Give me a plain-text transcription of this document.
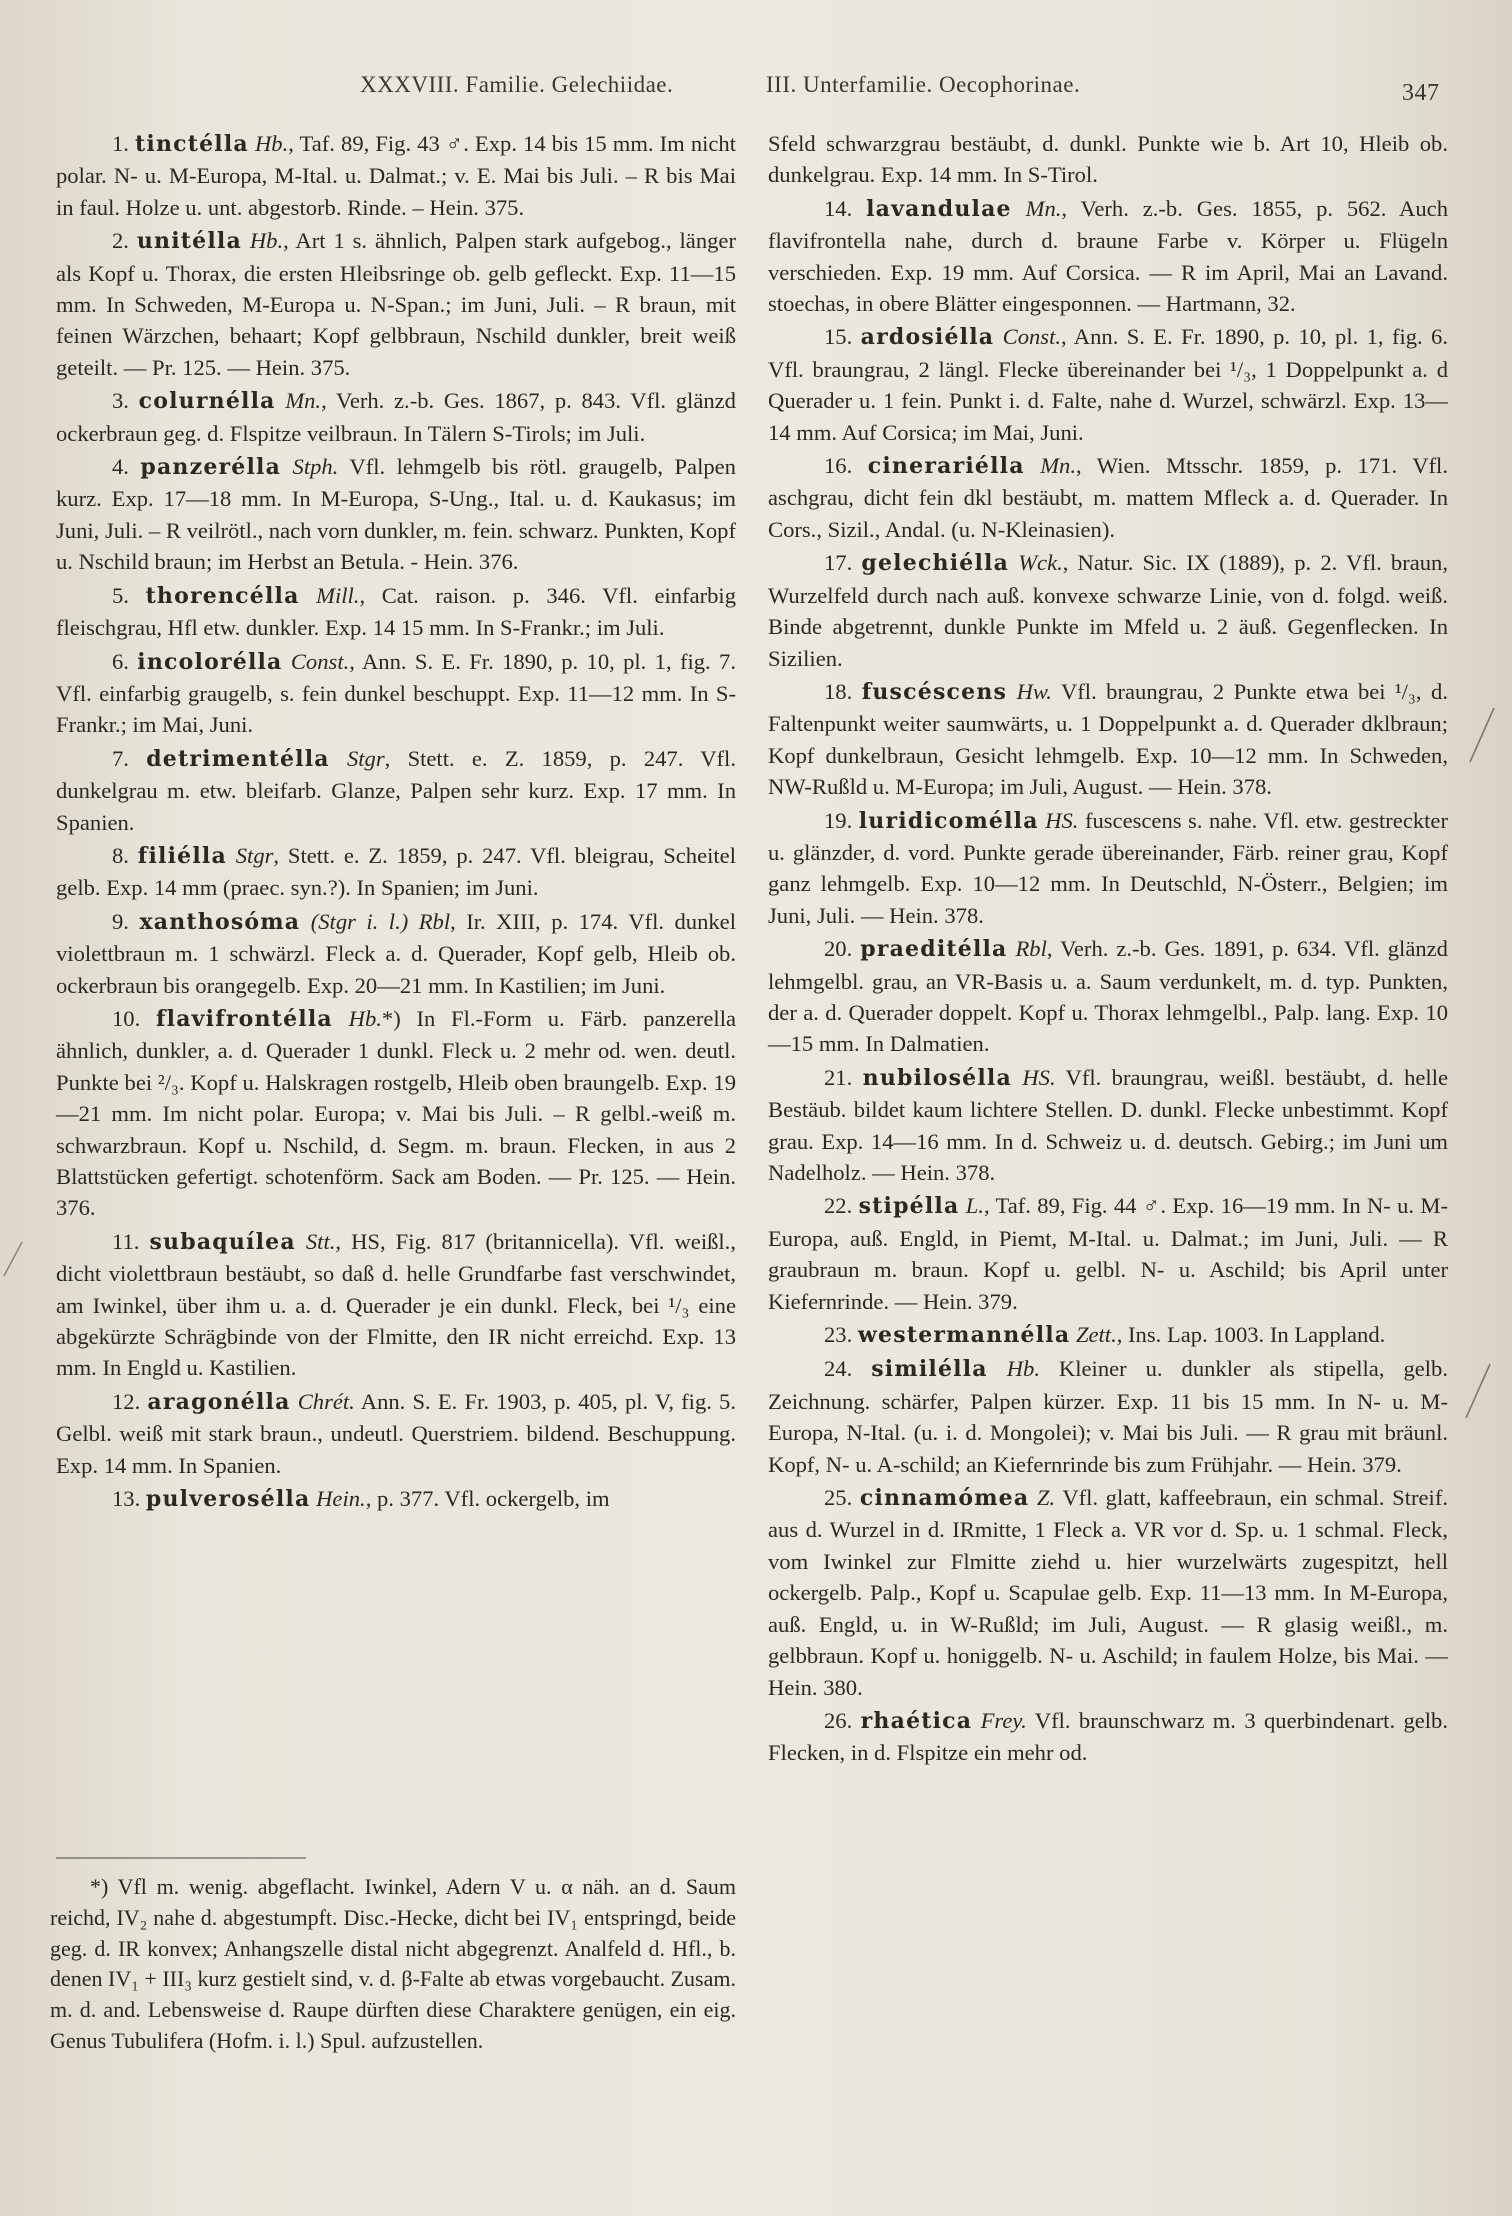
XXXVIII. Familie. Gelechiidae.	III. Unterfamilie. Oecophorinae.	347

1. tinctélla Hb., Taf. 89, Fig. 43 ♂. Exp. 14 bis 15 mm. Im nicht polar. N- u. M-Europa, M-Ital. u. Dalmat.; v. E. Mai bis Juli. – R bis Mai in faul. Holze u. unt. abgestorb. Rinde. – Hein. 375.

2. unitélla Hb., Art 1 s. ähnlich, Palpen stark aufgebog., länger als Kopf u. Thorax, die ersten Hleibsringe ob. gelb gefleckt. Exp. 11—15 mm. In Schweden, M-Europa u. N-Span.; im Juni, Juli. – R braun, mit feinen Wärzchen, behaart; Kopf gelbbraun, Nschild dunkler, breit weiß geteilt. — Pr. 125. — Hein. 375.

3. colurnélla Mn., Verh. z.-b. Ges. 1867, p. 843. Vfl. glänzd ockerbraun geg. d. Flspitze veilbraun. In Tälern S-Tirols; im Juli.

4. panzerélla Stph. Vfl. lehmgelb bis rötl. graugelb, Palpen kurz. Exp. 17—18 mm. In M-Europa, S-Ung., Ital. u. d. Kaukasus; im Juni, Juli. – R veilrötl., nach vorn dunkler, m. fein. schwarz. Punkten, Kopf u. Nschild braun; im Herbst an Betula. - Hein. 376.

5. thorencélla Mill., Cat. raison. p. 346. Vfl. einfarbig fleischgrau, Hfl etw. dunkler. Exp. 14 15 mm. In S-Frankr.; im Juli.

6. incolorélla Const., Ann. S. E. Fr. 1890, p. 10, pl. 1, fig. 7. Vfl. einfarbig graugelb, s. fein dunkel beschuppt. Exp. 11—12 mm. In S-Frankr.; im Mai, Juni.

7. detrimentélla Stgr, Stett. e. Z. 1859, p. 247. Vfl. dunkelgrau m. etw. bleifarb. Glanze, Palpen sehr kurz. Exp. 17 mm. In Spanien.

8. filiélla Stgr, Stett. e. Z. 1859, p. 247. Vfl. bleigrau, Scheitel gelb. Exp. 14 mm (praec. syn.?). In Spanien; im Juni.

9. xanthosóma (Stgr i. l.) Rbl, Ir. XIII, p. 174. Vfl. dunkel violettbraun m. 1 schwärzl. Fleck a. d. Querader, Kopf gelb, Hleib ob. ockerbraun bis orangegelb. Exp. 20—21 mm. In Kastilien; im Juni.

10. flavifrontélla Hb.*) In Fl.-Form u. Färb. panzerella ähnlich, dunkler, a. d. Querader 1 dunkl. Fleck u. 2 mehr od. wen. deutl. Punkte bei ²/₃. Kopf u. Halskragen rostgelb, Hleib oben braungelb. Exp. 19—21 mm. Im nicht polar. Europa; v. Mai bis Juli. – R gelbl.-weiß m. schwarzbraun. Kopf u. Nschild, d. Segm. m. braun. Flecken, in aus 2 Blattstücken gefertigt. schotenförm. Sack am Boden. — Pr. 125. — Hein. 376.

11. subaquílea Stt., HS, Fig. 817 (britannicella). Vfl. weißl., dicht violettbraun bestäubt, so daß d. helle Grundfarbe fast verschwindet, am Iwinkel, über ihm u. a. d. Querader je ein dunkl. Fleck, bei ¹/₃ eine abgekürzte Schrägbinde von der Flmitte, den IR nicht erreichd. Exp. 13 mm. In Engld u. Kastilien.

12. aragonélla Chrét. Ann. S. E. Fr. 1903, p. 405, pl. V, fig. 5. Gelbl. weiß mit stark braun., undeutl. Querstriem. bildend. Beschuppung. Exp. 14 mm. In Spanien.

13. pulverosélla Hein., p. 377. Vfl. ockergelb, im

Sfeld schwarzgrau bestäubt, d. dunkl. Punkte wie b. Art 10, Hleib ob. dunkelgrau. Exp. 14 mm. In S-Tirol.

14. lavandulae Mn., Verh. z.-b. Ges. 1855, p. 562. Auch flavifrontella nahe, durch d. braune Farbe v. Körper u. Flügeln verschieden. Exp. 19 mm. Auf Corsica. — R im April, Mai an Lavand. stoechas, in obere Blätter eingesponnen. — Hartmann, 32.

15. ardosiélla Const., Ann. S. E. Fr. 1890, p. 10, pl. 1, fig. 6. Vfl. braungrau, 2 längl. Flecke übereinander bei ¹/₃, 1 Doppelpunkt a. d Querader u. 1 fein. Punkt i. d. Falte, nahe d. Wurzel, schwärzl. Exp. 13—14 mm. Auf Corsica; im Mai, Juni.

16. cinerariélla Mn., Wien. Mtsschr. 1859, p. 171. Vfl. aschgrau, dicht fein dkl bestäubt, m. mattem Mfleck a. d. Querader. In Cors., Sizil., Andal. (u. N-Kleinasien).

17. gelechiélla Wck., Natur. Sic. IX (1889), p. 2. Vfl. braun, Wurzelfeld durch nach auß. konvexe schwarze Linie, von d. folgd. weiß. Binde abgetrennt, dunkle Punkte im Mfeld u. 2 äuß. Gegenflecken. In Sizilien.

18. fuscéscens Hw. Vfl. braungrau, 2 Punkte etwa bei ¹/₃, d. Faltenpunkt weiter saumwärts, u. 1 Doppelpunkt a. d. Querader dklbraun; Kopf dunkelbraun, Gesicht lehmgelb. Exp. 10—12 mm. In Schweden, NW-Rußld u. M-Europa; im Juli, August. — Hein. 378.

19. luridicomélla HS. fuscescens s. nahe. Vfl. etw. gestreckter u. glänzder, d. vord. Punkte gerade übereinander, Färb. reiner grau, Kopf ganz lehmgelb. Exp. 10—12 mm. In Deutschld, N-Österr., Belgien; im Juni, Juli. — Hein. 378.

20. praeditélla Rbl, Verh. z.-b. Ges. 1891, p. 634. Vfl. glänzd lehmgelbl. grau, an VR-Basis u. a. Saum verdunkelt, m. d. typ. Punkten, der a. d. Querader doppelt. Kopf u. Thorax lehmgelbl., Palp. lang. Exp. 10—15 mm. In Dalmatien.

21. nubilosélla HS. Vfl. braungrau, weißl. bestäubt, d. helle Bestäub. bildet kaum lichtere Stellen. D. dunkl. Flecke unbestimmt. Kopf grau. Exp. 14—16 mm. In d. Schweiz u. d. deutsch. Gebirg.; im Juni um Nadelholz. — Hein. 378.

22. stipélla L., Taf. 89, Fig. 44 ♂. Exp. 16—19 mm. In N- u. M-Europa, auß. Engld, in Piemt, M-Ital. u. Dalmat.; im Juni, Juli. — R graubraun m. braun. Kopf u. gelbl. N- u. Aschild; bis April unter Kiefernrinde. — Hein. 379.

23. westermannélla Zett., Ins. Lap. 1003. In Lappland.

24. similélla Hb. Kleiner u. dunkler als stipella, gelb. Zeichnung. schärfer, Palpen kürzer. Exp. 11 bis 15 mm. In N- u. M-Europa, N-Ital. (u. i. d. Mongolei); v. Mai bis Juli. — R grau mit bräunl. Kopf, N- u. A-schild; an Kiefernrinde bis zum Frühjahr. — Hein. 379.

25. cinnamómea Z. Vfl. glatt, kaffeebraun, ein schmal. Streif. aus d. Wurzel in d. IRmitte, 1 Fleck a. VR vor d. Sp. u. 1 schmal. Fleck, vom Iwinkel zur Flmitte ziehd u. hier wurzelwärts zugespitzt, hell ockergelb. Palp., Kopf u. Scapulae gelb. Exp. 11—13 mm. In M-Europa, auß. Engld, u. in W-Rußld; im Juli, August. — R glasig weißl., m. gelbbraun. Kopf u. honiggelb. N- u. Aschild; in faulem Holze, bis Mai. — Hein. 380.

26. rhaética Frey. Vfl. braunschwarz m. 3 querbindenart. gelb. Flecken, in d. Flspitze ein mehr od.

*) Vfl m. wenig. abgeflacht. Iwinkel, Adern V u. α näh. an d. Saum reichd, IV₂ nahe d. abgestumpft. Disc.-Hecke, dicht bei IV₁ entspringd, beide geg. d. IR konvex; Anhangszelle distal nicht abgegrenzt. Analfeld d. Hfl., b. denen IV₁ + III₃ kurz gestielt sind, v. d. β-Falte ab etwas vorgebaucht. Zusam. m. d. and. Lebensweise d. Raupe dürften diese Charaktere genügen, ein eig. Genus Tubulifera (Hofm. i. l.) Spul. aufzustellen.
